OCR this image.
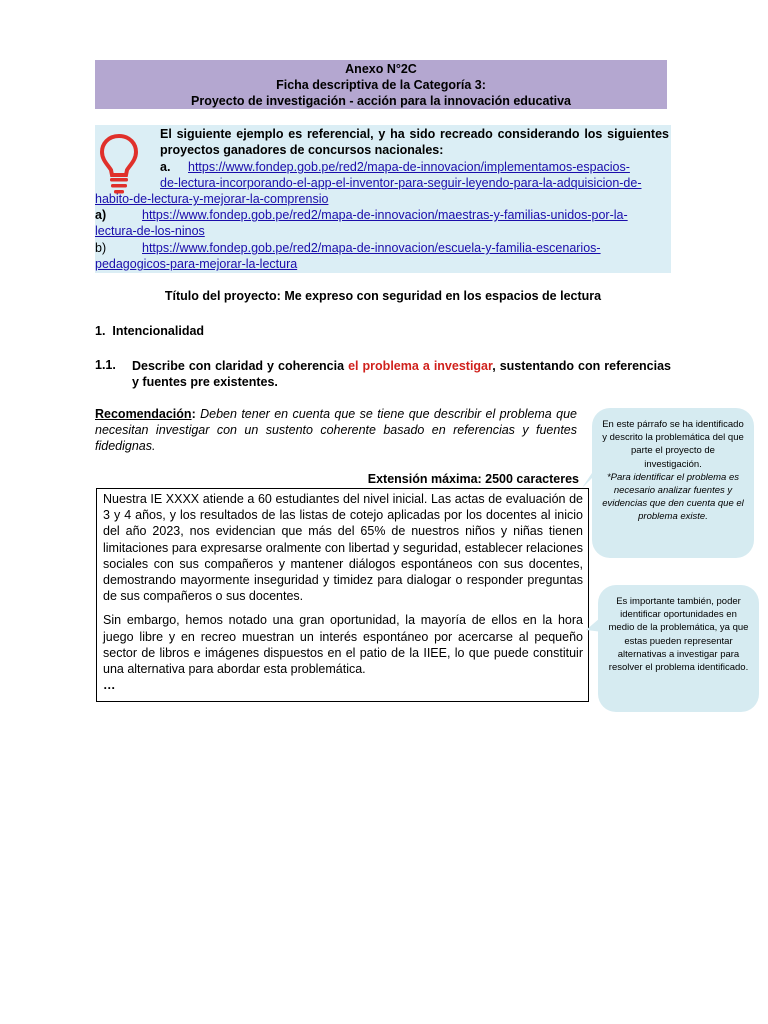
Anexo N°2C
Ficha descriptiva de la Categoría 3:
Proyecto de investigación - acción para la innovación educativa
El siguiente ejemplo es referencial, y ha sido recreado considerando los siguientes proyectos ganadores de concursos nacionales:
a. https://www.fondep.gob.pe/red2/mapa-de-innovacion/implementamos-espacios-
de-lectura-incorporando-el-app-el-inventor-para-seguir-leyendo-para-la-adquisicion-de-
habito-de-lectura-y-mejorar-la-comprensio
a)	https://www.fondep.gob.pe/red2/mapa-de-innovacion/maestras-y-familias-unidos-por-la-
lectura-de-los-ninos
b)	https://www.fondep.gob.pe/red2/mapa-de-innovacion/escuela-y-familia-escenarios-
pedagogicos-para-mejorar-la-lectura
Título del proyecto: Me expreso con seguridad en los espacios de lectura
1.  Intencionalidad
1.1. Describe con claridad y coherencia el problema a investigar, sustentando con referencias y fuentes pre existentes.
Recomendación: Deben tener en cuenta que se tiene que describir el problema que necesitan investigar con un sustento coherente basado en referencias y fuentes fidedignas.
Extensión máxima: 2500 caracteres

Nuestra IE XXXX atiende a 60 estudiantes del nivel inicial. Las actas de evaluación de 3 y 4 años, y los resultados de las listas de cotejo aplicadas por los docentes al inicio del año 2023, nos evidencian que más del 65% de nuestros niños y niñas tienen limitaciones para expresarse oralmente con libertad y seguridad, establecer relaciones sociales con sus compañeros y mantener diálogos espontáneos con sus docentes, demostrando mayormente inseguridad y timidez para dialogar o responder preguntas de sus compañeros o sus docentes.

Sin embargo, hemos notado una gran oportunidad, la mayoría de ellos en la hora juego libre y en recreo muestran un interés espontáneo por acercarse al pequeño sector de libros e imágenes dispuestos en el patio de la IIEE, lo que puede constituir una alternativa para abordar esta problemática.

…
En este párrafo se ha identificado y descrito la problemática del que parte el proyecto de investigación.
*Para identificar el problema es necesario analizar fuentes y evidencias que den cuenta que el problema existe.
Es importante también, poder identificar oportunidades en medio de la problemática, ya que estas pueden representar alternativas a investigar para resolver el problema identificado.
